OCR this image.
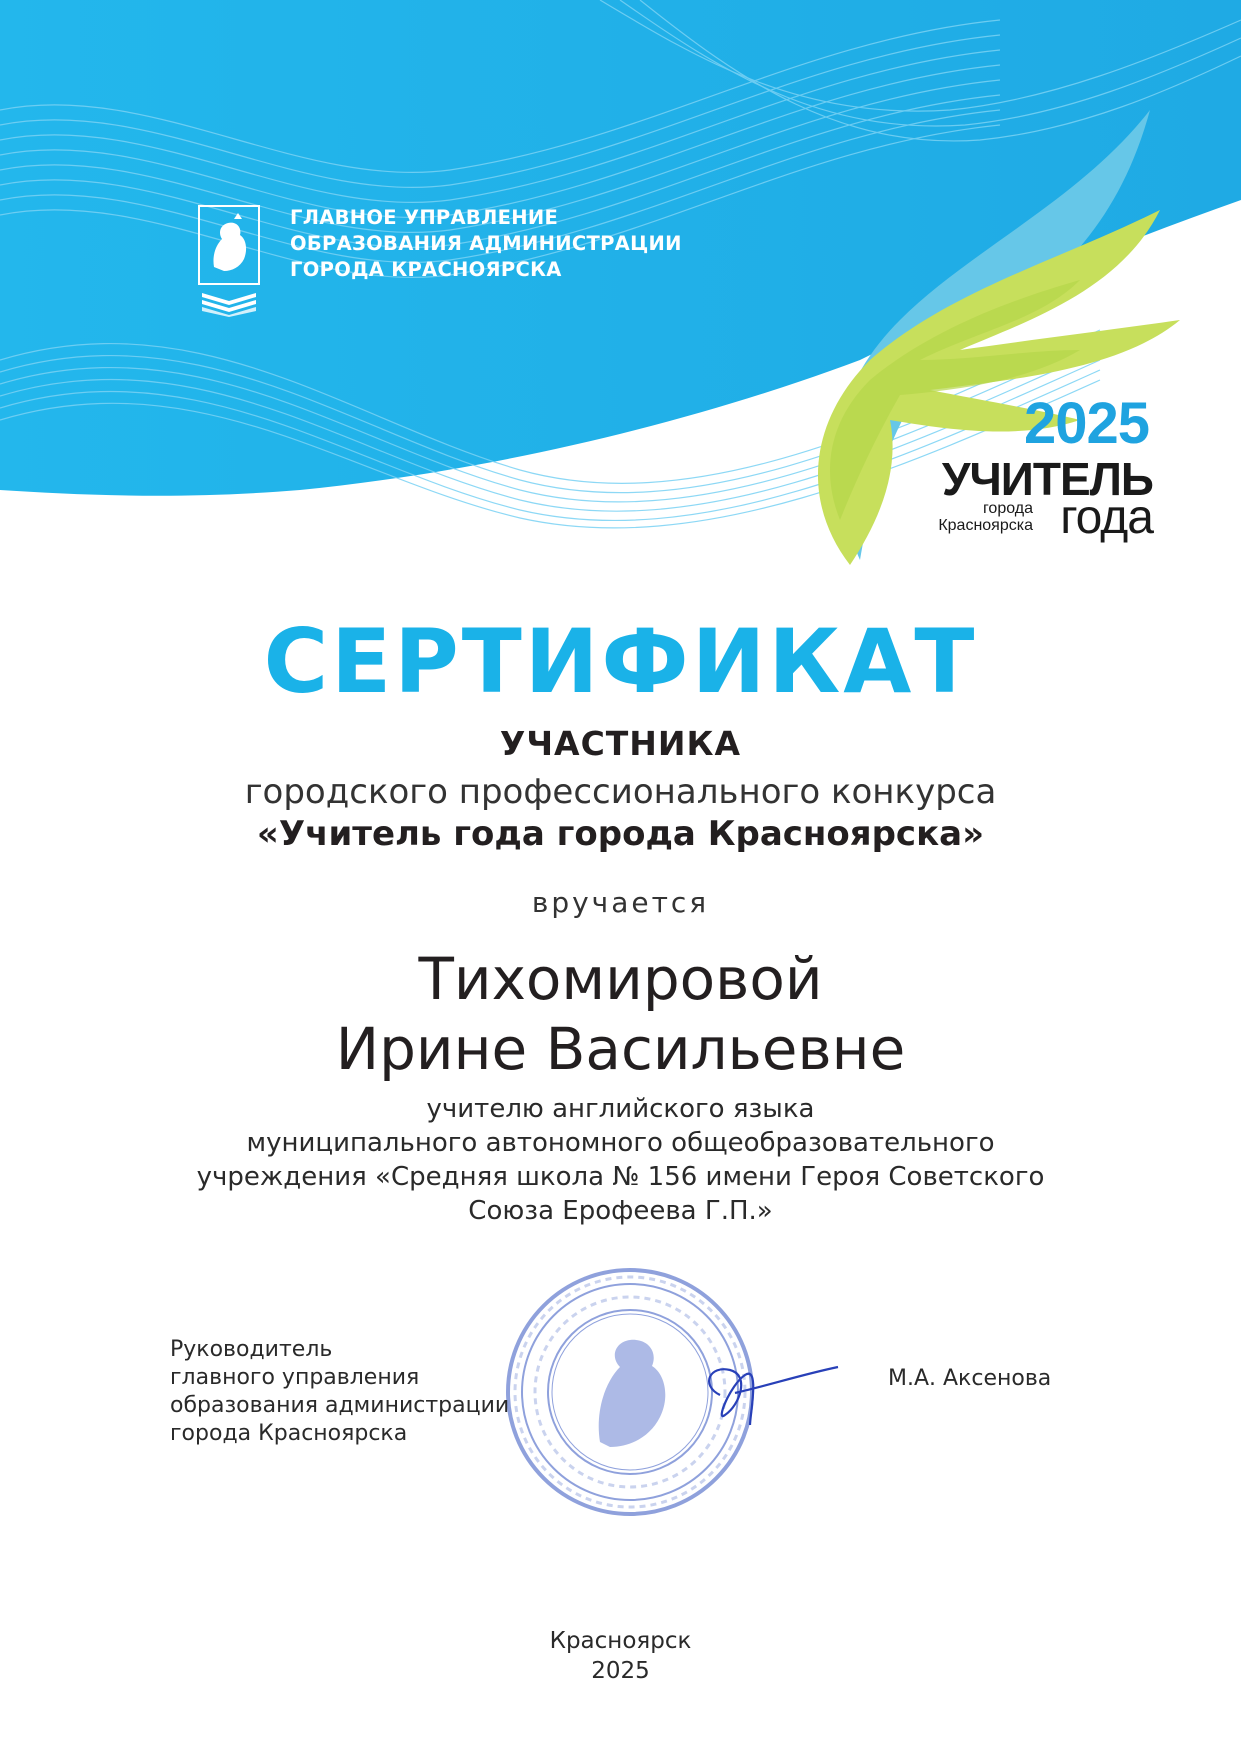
ГЛАВНОЕ УПРАВЛЕНИЕ
ОБРАЗОВАНИЯ АДМИНИСТРАЦИИ
ГОРОДА КРАСНОЯРСКА
2025
УЧИТЕЛЬ
города
Красноярска года
СЕРТИФИКАТ
УЧАСТНИКА
городского профессионального конкурса
«Учитель года города Красноярска»
вручается
Тихомировой
Ирине Васильевне
учителю английского языка
муниципального автономного общеобразовательного
учреждения «Средняя школа № 156 имени Героя Советского
Союза Ерофеева Г.П.»
Руководитель
главного управления
образования администрации
города Красноярска
М.А. Аксенова
Красноярск
2025
